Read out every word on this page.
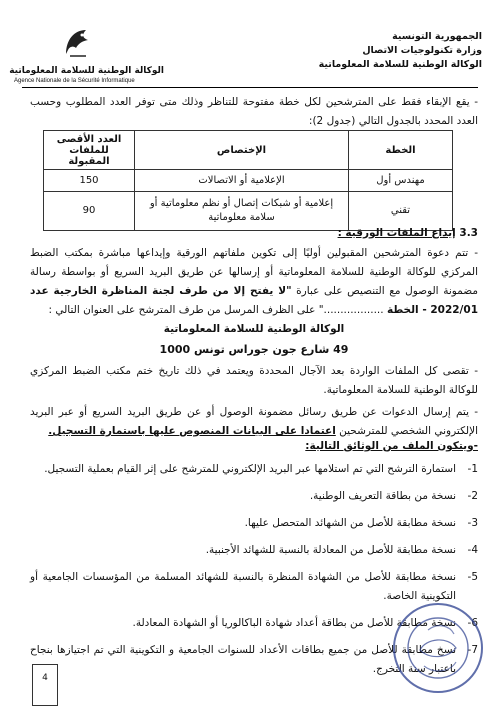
الوكالة الوطنية للسلامة المعلوماتية
Agence Nationale de la Sécurité Informatique
الجمهورية التونسية
وزارة تكنولوجيات الاتصال
الوكالة الوطنية للسلامة المعلوماتية
- يقع الإبقاء فقط على المترشحين لكل خطة مفتوحة للتناظر وذلك متى توفر العدد المطلوب وحسب العدد المحدد بالجدول التالي (جدول 2):
الخطة	الإختصاص	العدد الأقصى للملفات المقبولة
مهندس أول	الإعلامية أو الاتصالات	150
تقني	إعلامية أو شبكات إتصال أو نظم معلوماتية أو سلامة معلوماتية	90
3.3 إيداع الملفات الورقية :
- تتم دعوة المترشحين المقبولين أوليًا إلى تكوين ملفاتهم الورقية وإيداعها مباشرة بمكتب الضبط المركزي للوكالة الوطنية للسلامة المعلوماتية أو إرسالها عن طريق البريد السريع أو بواسطة رسالة مضمونة الوصول مع التنصيص على عبارة "لا يفتح إلا من طرف لجنة المناظرة الخارجية عدد 2022/01 - الخطة .................." على الظرف المرسل من طرف المترشح على العنوان التالي :
الوكالة الوطنية للسلامة المعلوماتية
49 شارع جون جوراس تونس 1000
- تقصى كل الملفات الواردة بعد الآجال المحددة ويعتمد في ذلك تاريخ ختم مكتب الضبط المركزي للوكالة الوطنية للسلامة المعلوماتية.
- يتم إرسال الدعوات عن طريق رسائل مضمونة الوصول أو عن طريق البريد السريع أو عبر البريد الإلكتروني الشخصي للمترشحين اعتمادا على البيانات المنصوص عليها باستمارة التسجيل.
-ويتكون الملف من الوثائق التالية:
1-
استمارة الترشح التي تم استلامها عبر البريد الإلكتروني للمترشح على إثر القيام بعملية التسجيل.
2-
نسخة من بطاقة التعريف الوطنية.
3-
نسخة مطابقة للأصل من الشهائد المتحصل عليها.
4-
نسخة مطابقة للأصل من المعادلة بالنسبة للشهائد الأجنبية.
5-
نسخة مطابقة للأصل من الشهادة المنظرة بالنسبة للشهائد المسلمة من المؤسسات الجامعية أو التكوينية الخاصة.
6-
نسخة مطابقة للأصل من بطاقة أعداد شهادة الباكالوريا أو الشهادة المعادلة.
7-
نسخ مطابقة للأصل من جميع بطاقات الأعداد للسنوات الجامعية و التكوينية التي تم اجتيازها بنجاح باعتبار سنة التخرج.
4
